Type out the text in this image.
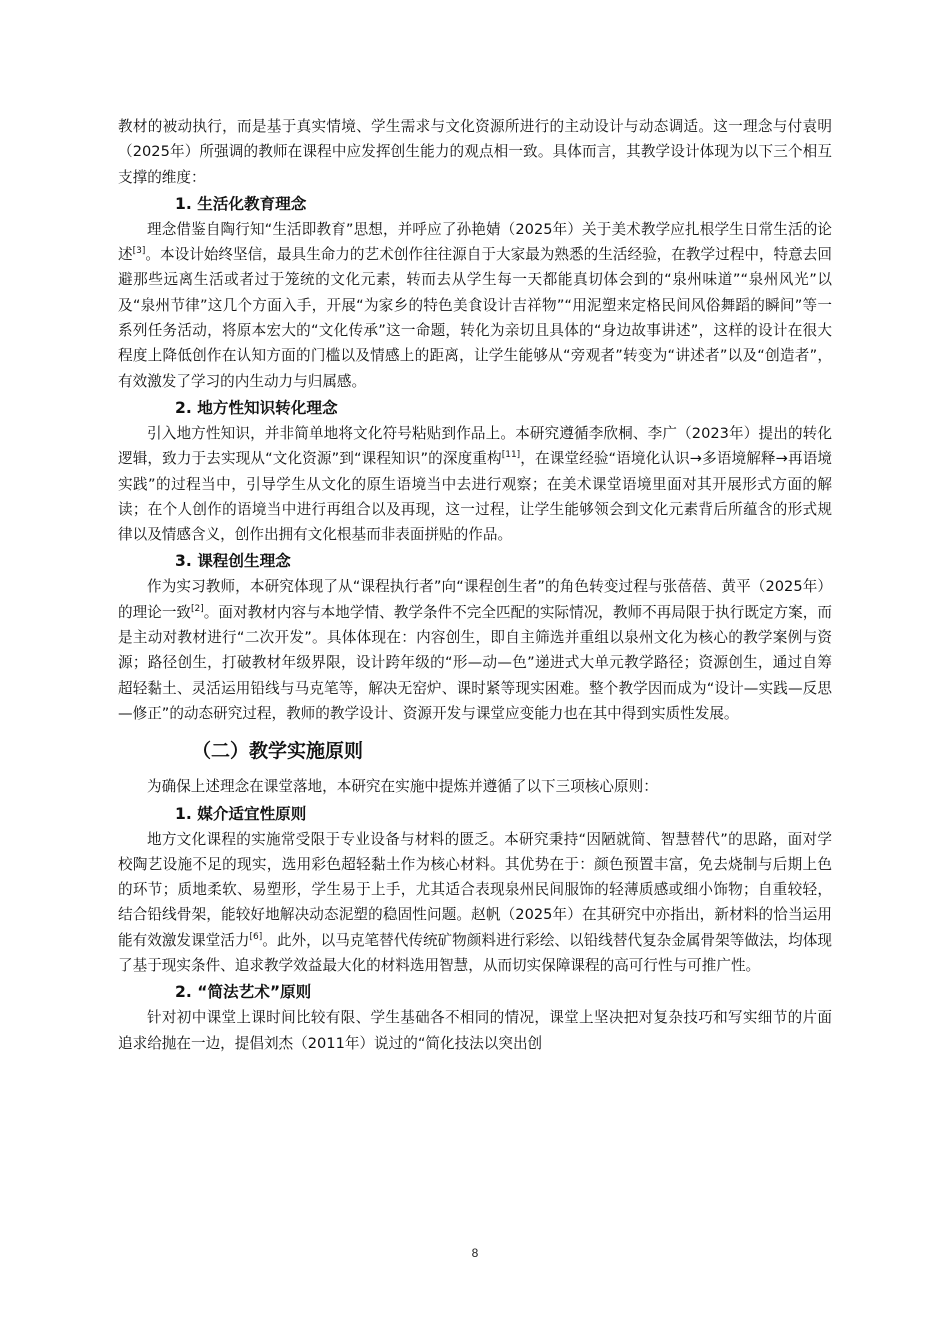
教材的被动执行，而是基于真实情境、学生需求与文化资源所进行的主动设计与动态调适。这一理念与付袁明（2025年）所强调的教师在课程中应发挥创生能力的观点相一致。具体而言，其教学设计体现为以下三个相互支撑的维度：

1. 生活化教育理念

理念借鉴自陶行知“生活即教育”思想，并呼应了孙艳婧（2025年）关于美术教学应扎根学生日常生活的论述[3]。本设计始终坚信，最具生命力的艺术创作往往源自于大家最为熟悉的生活经验，在教学过程中，特意去回避那些远离生活或者过于笼统的文化元素，转而去从学生每一天都能真切体会到的“泉州味道”“泉州风光”以及“泉州节律”这几个方面入手，开展“为家乡的特色美食设计吉祥物”“用泥塑来定格民间风俗舞蹈的瞬间”等一系列任务活动，将原本宏大的“文化传承”这一命题，转化为亲切且具体的“身边故事讲述”，这样的设计在很大程度上降低创作在认知方面的门槛以及情感上的距离，让学生能够从“旁观者”转变为“讲述者”以及“创造者”，有效激发了学习的内生动力与归属感。

2. 地方性知识转化理念

引入地方性知识，并非简单地将文化符号粘贴到作品上。本研究遵循李欣桐、李广（2023年）提出的转化逻辑，致力于去实现从“文化资源”到“课程知识”的深度重构[11]，在课堂经验“语境化认识→多语境解释→再语境实践”的过程当中，引导学生从文化的原生语境当中去进行观察；在美术课堂语境里面对其开展形式方面的解读；在个人创作的语境当中进行再组合以及再现，这一过程，让学生能够领会到文化元素背后所蕴含的形式规律以及情感含义，创作出拥有文化根基而非表面拼贴的作品。

3. 课程创生理念

作为实习教师，本研究体现了从“课程执行者”向“课程创生者”的角色转变过程与张蓓蓓、黄平（2025年）的理论一致[2]。面对教材内容与本地学情、教学条件不完全匹配的实际情况，教师不再局限于执行既定方案，而是主动对教材进行“二次开发”。具体体现在：内容创生，即自主筛选并重组以泉州文化为核心的教学案例与资源；路径创生，打破教材年级界限，设计跨年级的“形—动—色”递进式大单元教学路径；资源创生，通过自筹超轻黏土、灵活运用铅线与马克笔等，解决无窑炉、课时紧等现实困难。整个教学因而成为“设计—实践—反思—修正”的动态研究过程，教师的教学设计、资源开发与课堂应变能力也在其中得到实质性发展。

（二）教学实施原则

为确保上述理念在课堂落地，本研究在实施中提炼并遵循了以下三项核心原则：

1. 媒介适宜性原则

地方文化课程的实施常受限于专业设备与材料的匮乏。本研究秉持“因陋就简、智慧替代”的思路，面对学校陶艺设施不足的现实，选用彩色超轻黏土作为核心材料。其优势在于：颜色预置丰富，免去烧制与后期上色的环节；质地柔软、易塑形，学生易于上手，尤其适合表现泉州民间服饰的轻薄质感或细小饰物；自重较轻，结合铅线骨架，能较好地解决动态泥塑的稳固性问题。赵帆（2025年）在其研究中亦指出，新材料的恰当运用能有效激发课堂活力[6]。此外，以马克笔替代传统矿物颜料进行彩绘、以铅线替代复杂金属骨架等做法，均体现了基于现实条件、追求教学效益最大化的材料选用智慧，从而切实保障课程的高可行性与可推广性。

2. “简法艺术”原则

针对初中课堂上课时间比较有限、学生基础各不相同的情况，课堂上坚决把对复杂技巧和写实细节的片面追求给抛在一边，提倡刘杰（2011年）说过的“简化技法以突出创

8
